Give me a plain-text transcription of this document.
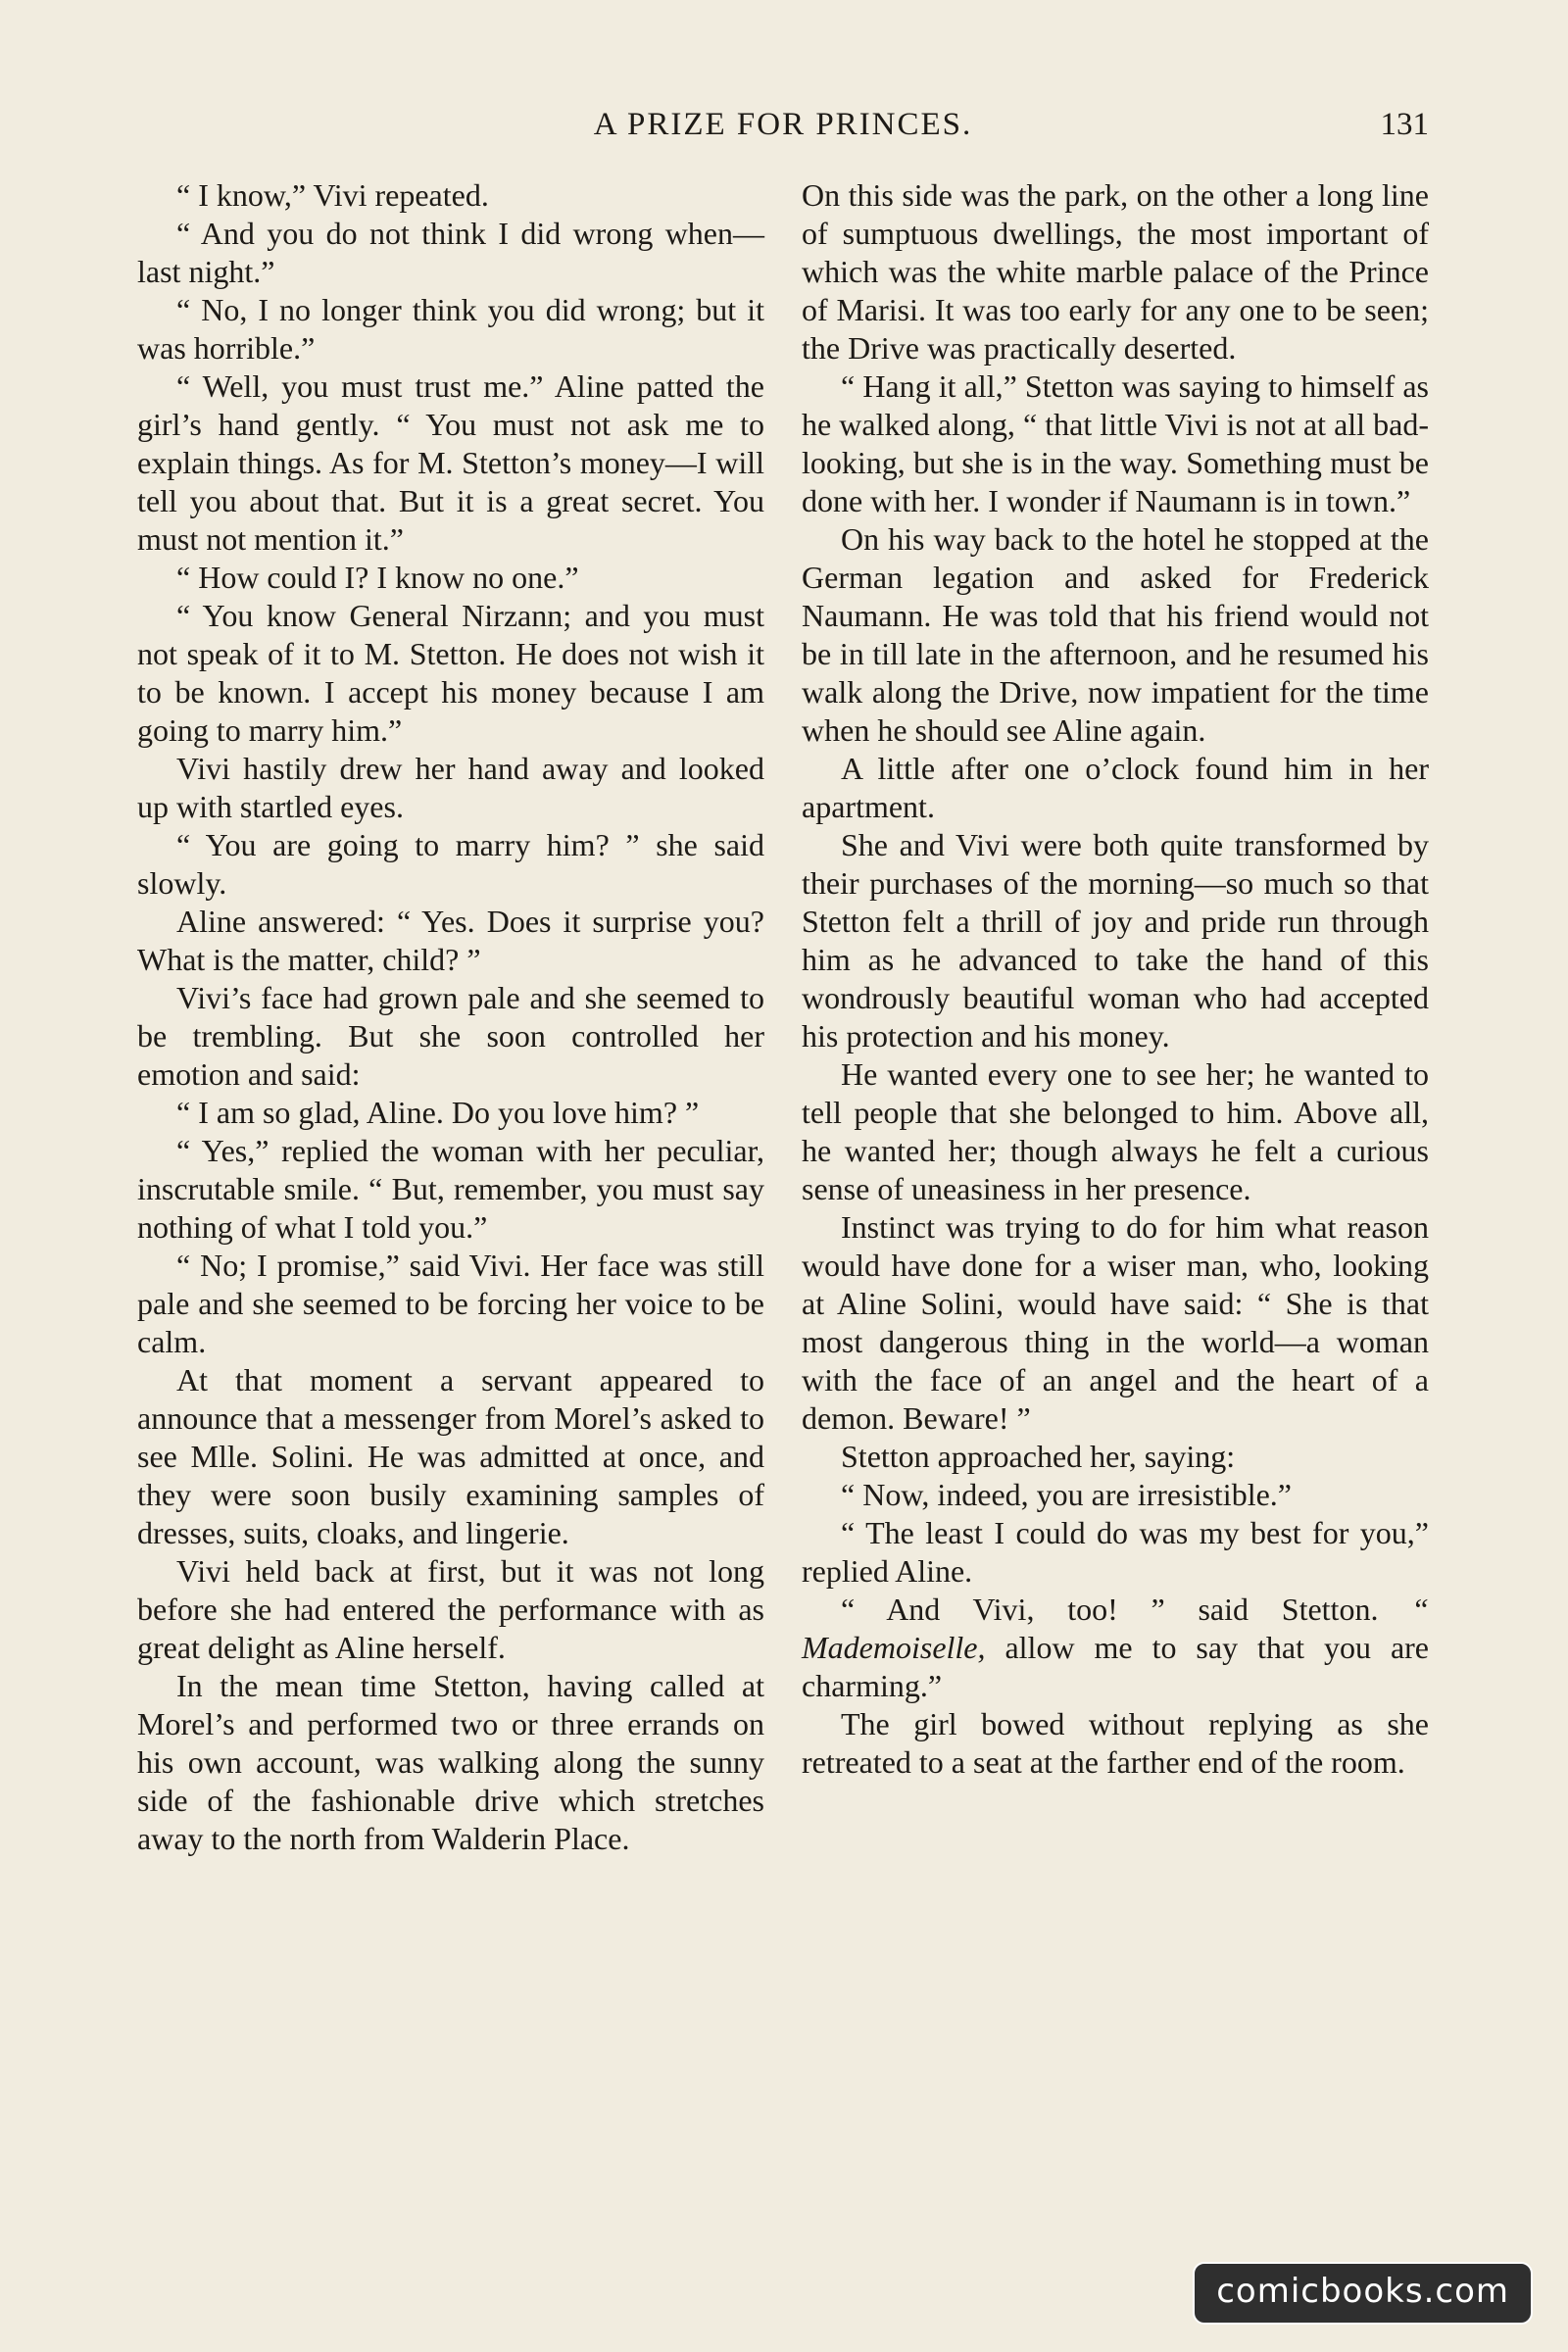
A PRIZE FOR PRINCES.	131

“ I know,” Vivi repeated.

“ And you do not think I did wrong when—last night.”

“ No, I no longer think you did wrong; but it was horrible.”

“ Well, you must trust me.” Aline patted the girl’s hand gently. “ You must not ask me to explain things. As for M. Stetton’s money—I will tell you about that. But it is a great secret. You must not mention it.”

“ How could I? I know no one.”

“ You know General Nirzann; and you must not speak of it to M. Stetton. He does not wish it to be known. I accept his money because I am going to marry him.”

Vivi hastily drew her hand away and looked up with startled eyes.

“ You are going to marry him? ” she said slowly.

Aline answered: “ Yes. Does it surprise you? What is the matter, child? ”

Vivi’s face had grown pale and she seemed to be trembling. But she soon controlled her emotion and said:

“ I am so glad, Aline. Do you love him? ”

“ Yes,” replied the woman with her peculiar, inscrutable smile. “ But, remember, you must say nothing of what I told you.”

“ No; I promise,” said Vivi. Her face was still pale and she seemed to be forcing her voice to be calm.

At that moment a servant appeared to announce that a messenger from Morel’s asked to see Mlle. Solini. He was admitted at once, and they were soon busily examining samples of dresses, suits, cloaks, and lingerie.

Vivi held back at first, but it was not long before she had entered the performance with as great delight as Aline herself.

In the mean time Stetton, having called at Morel’s and performed two or three errands on his own account, was walking along the sunny side of the fashionable drive which stretches away to the north from Walderin Place.

On this side was the park, on the other a long line of sumptuous dwellings, the most important of which was the white marble palace of the Prince of Marisi. It was too early for any one to be seen; the Drive was practically deserted.

“ Hang it all,” Stetton was saying to himself as he walked along, “ that little Vivi is not at all bad-looking, but she is in the way. Something must be done with her. I wonder if Naumann is in town.”

On his way back to the hotel he stopped at the German legation and asked for Frederick Naumann. He was told that his friend would not be in till late in the afternoon, and he resumed his walk along the Drive, now impatient for the time when he should see Aline again.

A little after one o’clock found him in her apartment.

She and Vivi were both quite transformed by their purchases of the morning—so much so that Stetton felt a thrill of joy and pride run through him as he advanced to take the hand of this wondrously beautiful woman who had accepted his protection and his money.

He wanted every one to see her; he wanted to tell people that she belonged to him. Above all, he wanted her; though always he felt a curious sense of uneasiness in her presence.

Instinct was trying to do for him what reason would have done for a wiser man, who, looking at Aline Solini, would have said: “ She is that most dangerous thing in the world—a woman with the face of an angel and the heart of a demon. Beware! ”

Stetton approached her, saying:

“ Now, indeed, you are irresistible.”

“ The least I could do was my best for you,” replied Aline.

“ And Vivi, too! ” said Stetton. “ Mademoiselle, allow me to say that you are charming.”

The girl bowed without replying as she retreated to a seat at the farther end of the room.

comicbooks.com
